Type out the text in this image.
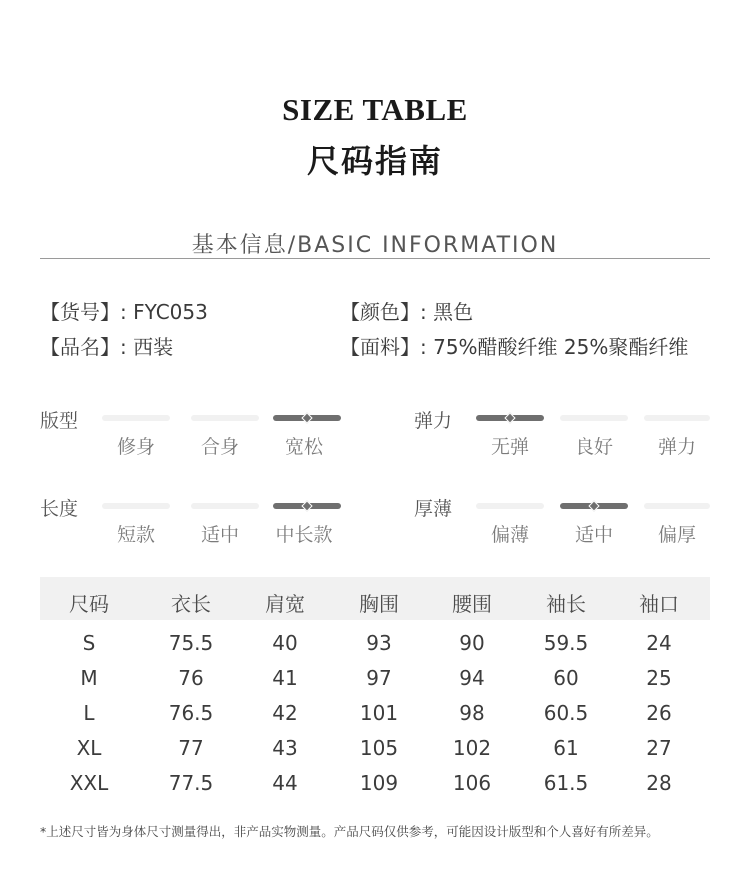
SIZE TABLE
尺码指南
基本信息/BASIC INFORMATION
【货号】: FYC053	【颜色】: 黑色
【品名】: 西装	【面料】: 75%醋酸纤维 25%聚酯纤维
版型
修身	合身	宽松
弹力
无弹	良好	弹力
长度
短款	适中	中长款
厚薄
偏薄	适中	偏厚
尺码	衣长	肩宽	胸围	腰围	袖长	袖口
S	75.5	40	93	90	59.5	24
M	76	41	97	94	60	25
L	76.5	42	101	98	60.5	26
XL	77	43	105	102	61	27
XXL	77.5	44	109	106	61.5	28
*上述尺寸皆为身体尺寸测量得出，非产品实物测量。产品尺码仅供参考，可能因设计版型和个人喜好有所差异。
